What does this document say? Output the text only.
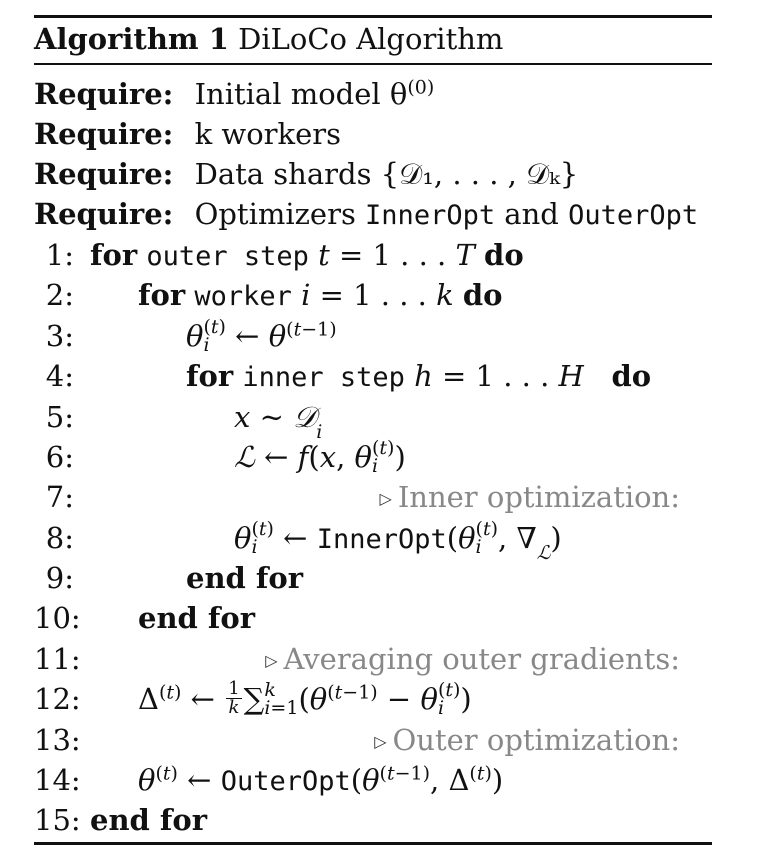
Algorithm 1 DiLoCo Algorithm
Require: Initial model $\theta^{(0)}$
Require: k workers
Require: Data shards {𝒟₁, . . . , 𝒟ₖ}
Require: Optimizers InnerOpt and OuterOpt
1: for outer step t = 1 . . . T do
2: for worker i = 1 . . . k do
3:	θ (t)
i ← $\theta^{(t-1)}$
4:	for inner step h = 1 . . . H do
5:	x ∼ 𝒟$_i$
6:	ℒ ← f(x, θ (t)
i )
7:	▷ Inner optimization:
8:	θ (t)
i ← InnerOpt(θ (t)
i , $\nabla_ℒ$)
9:	end for
10: end for
11:	▷ Averaging outer gradients:
12: $\Delta^{(t)}$ ← $\frac{1}{k}$ ∑ k
i=1 ($\theta^{(t-1)} - \theta$ (t)
i )
13:	▷ Outer optimization:
14: $\theta^{(t)}$ ← $OuterOpt(\theta^{(t-1)}$, $\Delta^{(t)}$)
15: end for
